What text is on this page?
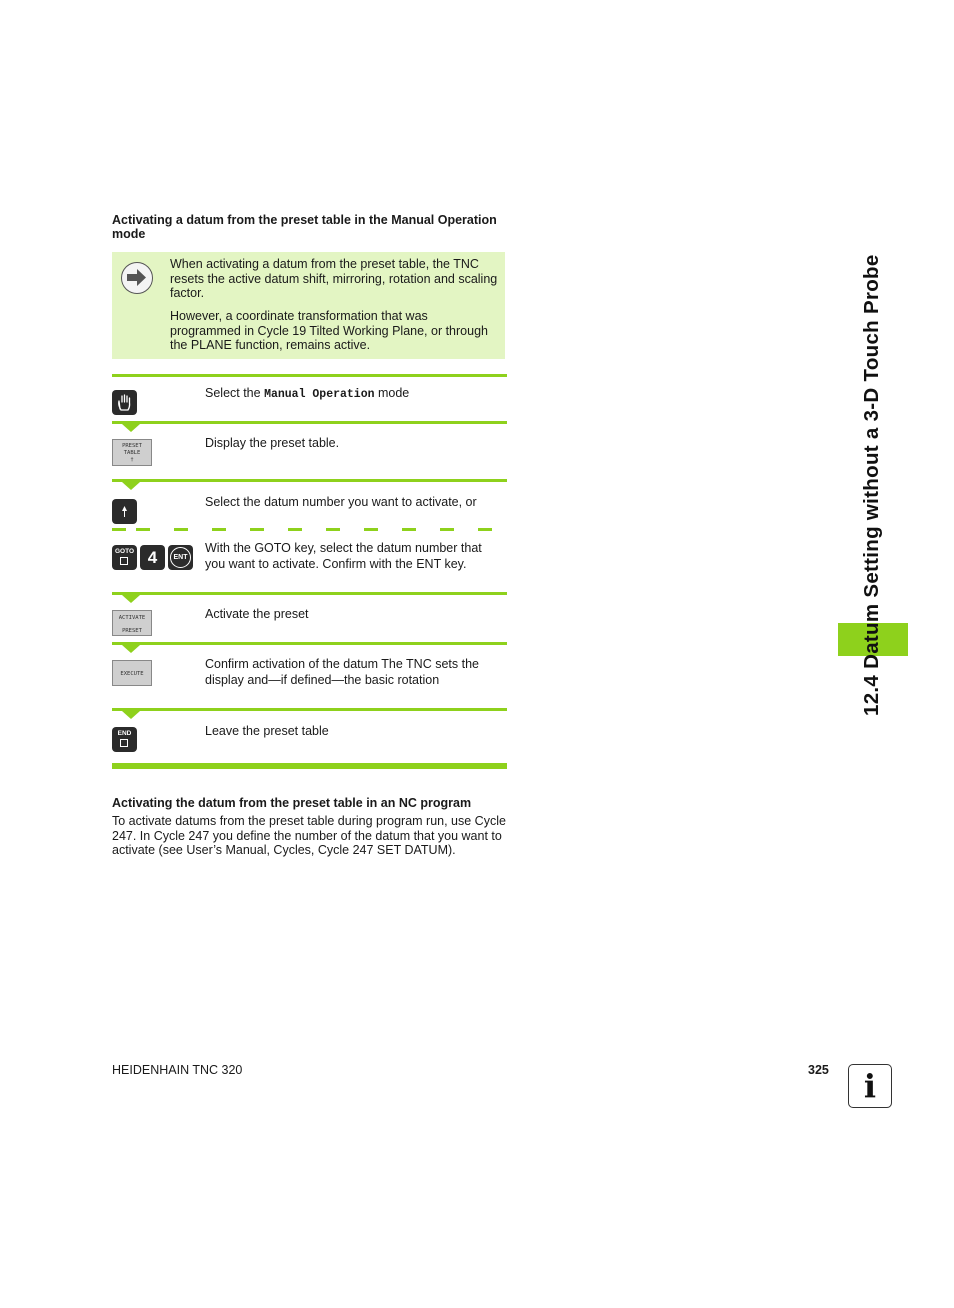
Activating a datum from the preset table in the Manual Operation mode
When activating a datum from the preset table, the TNC resets the active datum shift, mirroring, rotation and scaling factor.
However, a coordinate transformation that was programmed in Cycle 19 Tilted Working Plane, or through the PLANE function, remains active.
Select the Manual Operation mode
PRESET
TABLE
†
Display the preset table.
Select the datum number you want to activate, or
GOTO 4	ENT
With the GOTO key, select the datum number that you want to activate. Confirm with the ENT key.
ACTIVATE
PRESET
Activate the preset
EXECUTE
Confirm activation of the datum The TNC sets the display and—if defined—the basic rotation
END	Leave the preset table
Activating the datum from the preset table in an NC program
To activate datums from the preset table during program run, use Cycle 247. In Cycle 247 you define the number of the datum that you want to activate (see User’s Manual, Cycles, Cycle 247 SET DATUM).
12.4 Datum Setting without a 3-D Touch Probe
HEIDENHAIN TNC 320	325	i
